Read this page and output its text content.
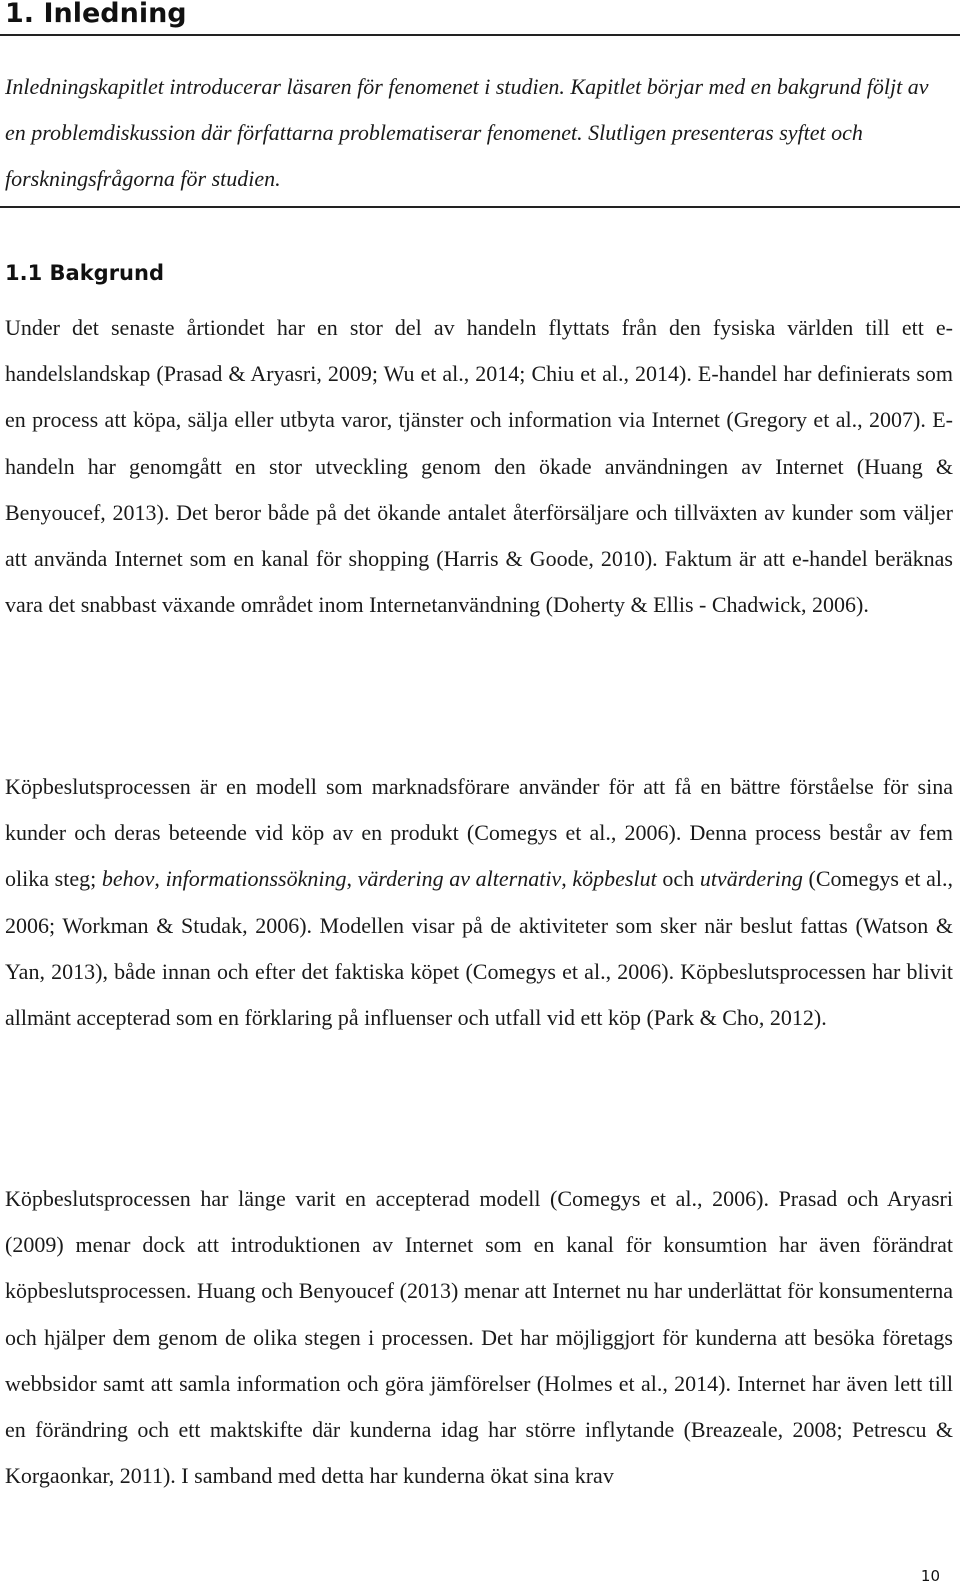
1. Inledning

Inledningskapitlet introducerar läsaren för fenomenet i studien. Kapitlet börjar med en bakgrund följt av en problemdiskussion där författarna problematiserar fenomenet. Slutligen presenteras syftet och forskningsfrågorna för studien.

1.1 Bakgrund

Under det senaste årtiondet har en stor del av handeln flyttats från den fysiska världen till ett e-handelslandskap (Prasad & Aryasri, 2009; Wu et al., 2014; Chiu et al., 2014). E-handel har definierats som en process att köpa, sälja eller utbyta varor, tjänster och information via Internet (Gregory et al., 2007). E-handeln har genomgått en stor utveckling genom den ökade användningen av Internet (Huang & Benyoucef, 2013). Det beror både på det ökande antalet återförsäljare och tillväxten av kunder som väljer att använda Internet som en kanal för shopping (Harris & Goode, 2010). Faktum är att e-handel beräknas vara det snabbast växande området inom Internetanvändning (Doherty & Ellis - Chadwick, 2006).

Köpbeslutsprocessen är en modell som marknadsförare använder för att få en bättre förståelse för sina kunder och deras beteende vid köp av en produkt (Comegys et al., 2006). Denna process består av fem olika steg; behov, informationssökning, värdering av alternativ, köpbeslut och utvärdering (Comegys et al., 2006; Workman & Studak, 2006). Modellen visar på de aktiviteter som sker när beslut fattas (Watson & Yan, 2013), både innan och efter det faktiska köpet (Comegys et al., 2006). Köpbeslutsprocessen har blivit allmänt accepterad som en förklaring på influenser och utfall vid ett köp (Park & Cho, 2012).

Köpbeslutsprocessen har länge varit en accepterad modell (Comegys et al., 2006). Prasad och Aryasri (2009) menar dock att introduktionen av Internet som en kanal för konsumtion har även förändrat köpbeslutsprocessen. Huang och Benyoucef (2013) menar att Internet nu har underlättat för konsumenterna och hjälper dem genom de olika stegen i processen. Det har möjliggjort för kunderna att besöka företags webbsidor samt att samla information och göra jämförelser (Holmes et al., 2014). Internet har även lett till en förändring och ett maktskifte där kunderna idag har större inflytande (Breazeale, 2008; Petrescu & Korgaonkar, 2011). I samband med detta har kunderna ökat sina krav

10
